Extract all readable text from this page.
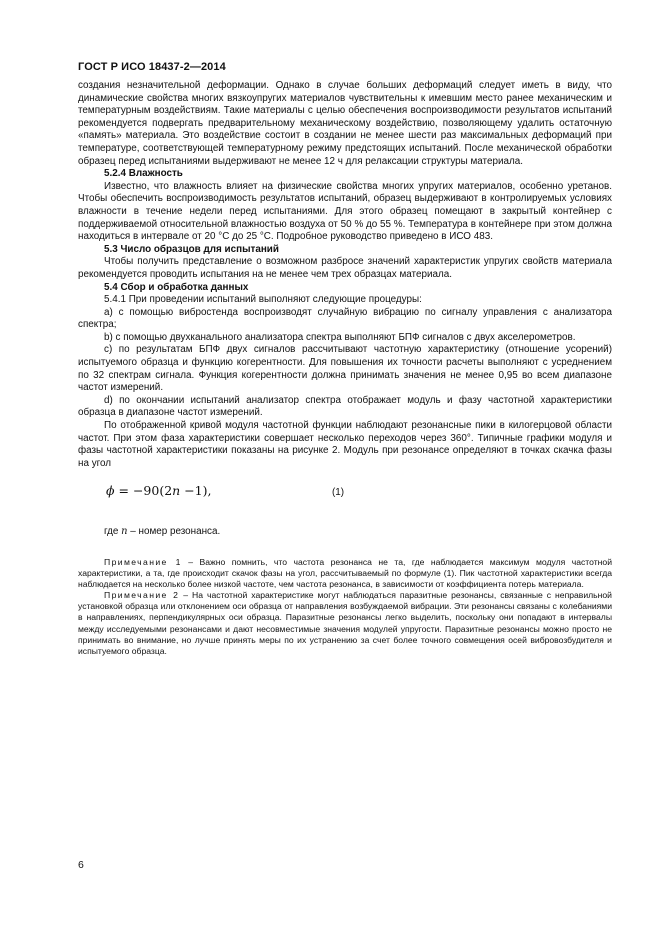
ГОСТ Р ИСО 18437-2—2014

создания незначительной деформации. Однако в случае больших деформаций следует иметь в виду, что динамические свойства многих вязкоупругих материалов чувствительны к имевшим место ранее механическим и температурным воздействиям. Такие материалы с целью обеспечения воспроизводимости результатов испытаний рекомендуется подвергать предварительному механическому воздействию, позволяющему удалить остаточную «память» материала. Это воздействие состоит в создании не менее шести раз максимальных деформаций при температуре, соответствующей температурному режиму предстоящих испытаний. После механической обработки образец перед испытаниями выдерживают не менее 12 ч для релаксации структуры материала.

5.2.4 Влажность

Известно, что влажность влияет на физические свойства многих упругих материалов, особенно уретанов. Чтобы обеспечить воспроизводимость результатов испытаний, образец выдерживают в контролируемых условиях влажности в течение недели перед испытаниями. Для этого образец помещают в закрытый контейнер с поддерживаемой относительной влажностью воздуха от 50 % до 55 %. Температура в контейнере при этом должна находиться в интервале от 20 °С до 25 °С. Подробное руководство приведено в ИСО 483.

5.3 Число образцов для испытаний

Чтобы получить представление о возможном разбросе значений характеристик упругих свойств материала рекомендуется проводить испытания на не менее чем трех образцах материала.

5.4 Сбор и обработка данных

5.4.1 При проведении испытаний выполняют следующие процедуры:

a) с помощью вибростенда воспроизводят случайную вибрацию по сигналу управления с анализатора спектра;

b) с помощью двухканального анализатора спектра выполняют БПФ сигналов с двух акселерометров.

c) по результатам БПФ двух сигналов рассчитывают частотную характеристику (отношение усорений) испытуемого образца и функцию когерентности. Для повышения их точности расчеты выполняют с усреднением по 32 спектрам сигнала. Функция когерентности должна принимать значения не менее 0,95 во всем диапазоне частот измерений.

d) по окончании испытаний анализатор спектра отображает модуль и фазу частотной характеристики образца в диапазоне частот измерений.

По отображенной кривой модуля частотной функции наблюдают резонансные пики в килогерцовой области частот. При этом фаза характеристики совершает несколько переходов через 360°. Типичные графики модуля и фазы частотной характеристики показаны на рисунке 2. Модуль при резонансе определяют в точках скачка фазы на угол

ϕ = −90(2n −1),	(1)

где n – номер резонанса.

Примечание 1 – Важно помнить, что частота резонанса не та, где наблюдается максимум модуля частотной характеристики, а та, где происходит скачок фазы на угол, рассчитываемый по формуле (1). Пик частотной характеристики всегда наблюдается на несколько более низкой частоте, чем частота резонанса, в зависимости от коэффициента потерь материала.

Примечание 2 – На частотной характеристике могут наблюдаться паразитные резонансы, связанные с неправильной установкой образца или отклонением оси образца от направления возбуждаемой вибрации. Эти резонансы связаны с колебаниями в направлениях, перпендикулярных оси образца. Паразитные резонансы легко выделить, поскольку они попадают в интервалы между исследуемыми резонансами и дают несовместимые значения модулей упругости. Паразитные резонансы можно просто не принимать во внимание, но лучше принять меры по их устранению за счет более точного совмещения осей вибровозбудителя и испытуемого образца.

6
